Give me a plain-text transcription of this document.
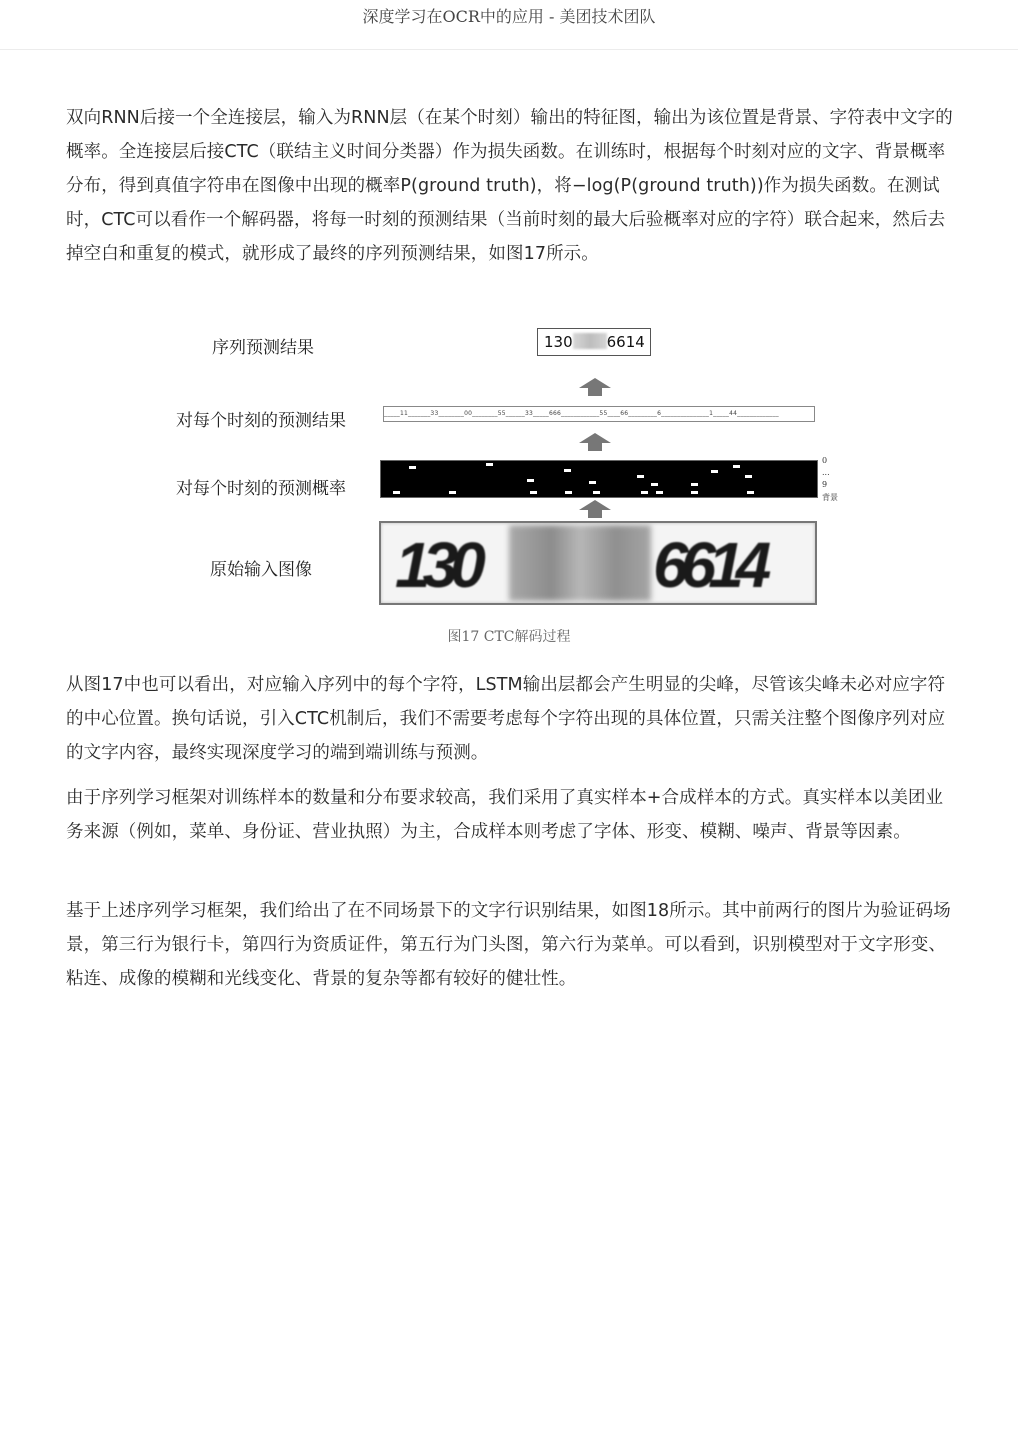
深度学习在OCR中的应用 - 美团技术团队

双向RNN后接一个全连接层，输入为RNN层（在某个时刻）输出的特征图，输出为该位置是背景、字符表中文字的概率。全连接层后接CTC（联结主义时间分类器）作为损失函数。在训练时，根据每个时刻对应的文字、背景概率分布，得到真值字符串在图像中出现的概率P(ground truth)，将−log(P(ground truth))作为损失函数。在测试时，CTC可以看作一个解码器，将每一时刻的预测结果（当前时刻的最大后验概率对应的字符）联合起来，然后去掉空白和重复的模式，就形成了最终的序列预测结果，如图17所示。

序列预测结果
对每个时刻的预测结果
对每个时刻的预测概率
原始输入图像
130 6614
_____11_______33________00________55______33_____666____________55____66_________6_______________1_____44_____________
0
...
9
背景
130	6614
图17 CTC解码过程

从图17中也可以看出，对应输入序列中的每个字符，LSTM输出层都会产生明显的尖峰，尽管该尖峰未必对应字符的中心位置。换句话说，引入CTC机制后，我们不需要考虑每个字符出现的具体位置，只需关注整个图像序列对应的文字内容，最终实现深度学习的端到端训练与预测。

由于序列学习框架对训练样本的数量和分布要求较高，我们采用了真实样本+合成样本的方式。真实样本以美团业务来源（例如，菜单、身份证、营业执照）为主，合成样本则考虑了字体、形变、模糊、噪声、背景等因素。

基于上述序列学习框架，我们给出了在不同场景下的文字行识别结果，如图18所示。其中前两行的图片为验证码场景，第三行为银行卡，第四行为资质证件，第五行为门头图，第六行为菜单。可以看到，识别模型对于文字形变、粘连、成像的模糊和光线变化、背景的复杂等都有较好的健壮性。
